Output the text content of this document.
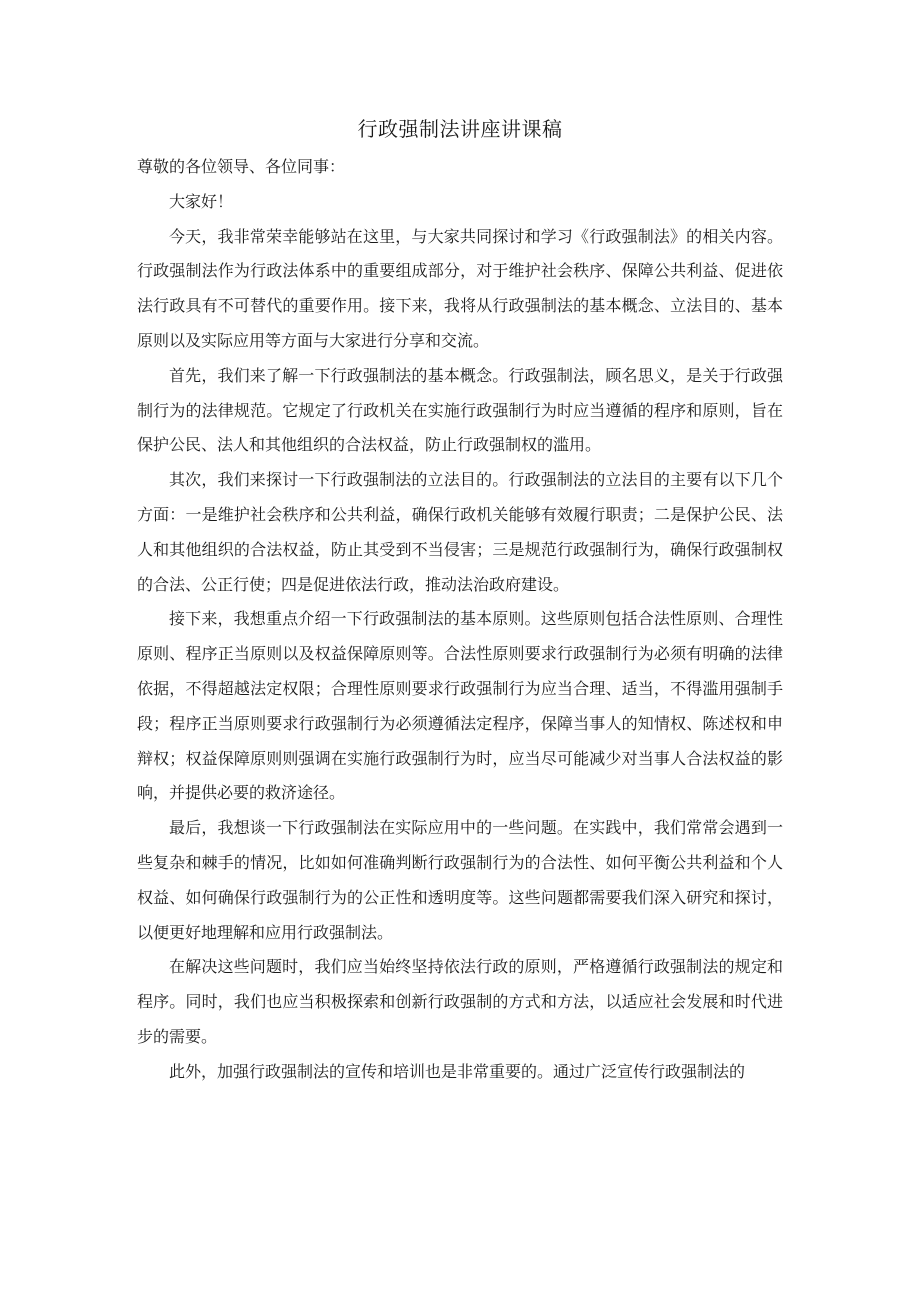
行政强制法讲座讲课稿

尊敬的各位领导、各位同事：

大家好！

今天，我非常荣幸能够站在这里，与大家共同探讨和学习《行政强制法》的相关内容。行政强制法作为行政法体系中的重要组成部分，对于维护社会秩序、保障公共利益、促进依法行政具有不可替代的重要作用。接下来，我将从行政强制法的基本概念、立法目的、基本原则以及实际应用等方面与大家进行分享和交流。

首先，我们来了解一下行政强制法的基本概念。行政强制法，顾名思义，是关于行政强制行为的法律规范。它规定了行政机关在实施行政强制行为时应当遵循的程序和原则，旨在保护公民、法人和其他组织的合法权益，防止行政强制权的滥用。

其次，我们来探讨一下行政强制法的立法目的。行政强制法的立法目的主要有以下几个方面：一是维护社会秩序和公共利益，确保行政机关能够有效履行职责；二是保护公民、法人和其他组织的合法权益，防止其受到不当侵害；三是规范行政强制行为，确保行政强制权的合法、公正行使；四是促进依法行政，推动法治政府建设。

接下来，我想重点介绍一下行政强制法的基本原则。这些原则包括合法性原则、合理性原则、程序正当原则以及权益保障原则等。合法性原则要求行政强制行为必须有明确的法律依据，不得超越法定权限；合理性原则要求行政强制行为应当合理、适当，不得滥用强制手段；程序正当原则要求行政强制行为必须遵循法定程序，保障当事人的知情权、陈述权和申辩权；权益保障原则则强调在实施行政强制行为时，应当尽可能减少对当事人合法权益的影响，并提供必要的救济途径。

最后，我想谈一下行政强制法在实际应用中的一些问题。在实践中，我们常常会遇到一些复杂和棘手的情况，比如如何准确判断行政强制行为的合法性、如何平衡公共利益和个人权益、如何确保行政强制行为的公正性和透明度等。这些问题都需要我们深入研究和探讨，以便更好地理解和应用行政强制法。

在解决这些问题时，我们应当始终坚持依法行政的原则，严格遵循行政强制法的规定和程序。同时，我们也应当积极探索和创新行政强制的方式和方法，以适应社会发展和时代进步的需要。

此外，加强行政强制法的宣传和培训也是非常重要的。通过广泛宣传行政强制法的
